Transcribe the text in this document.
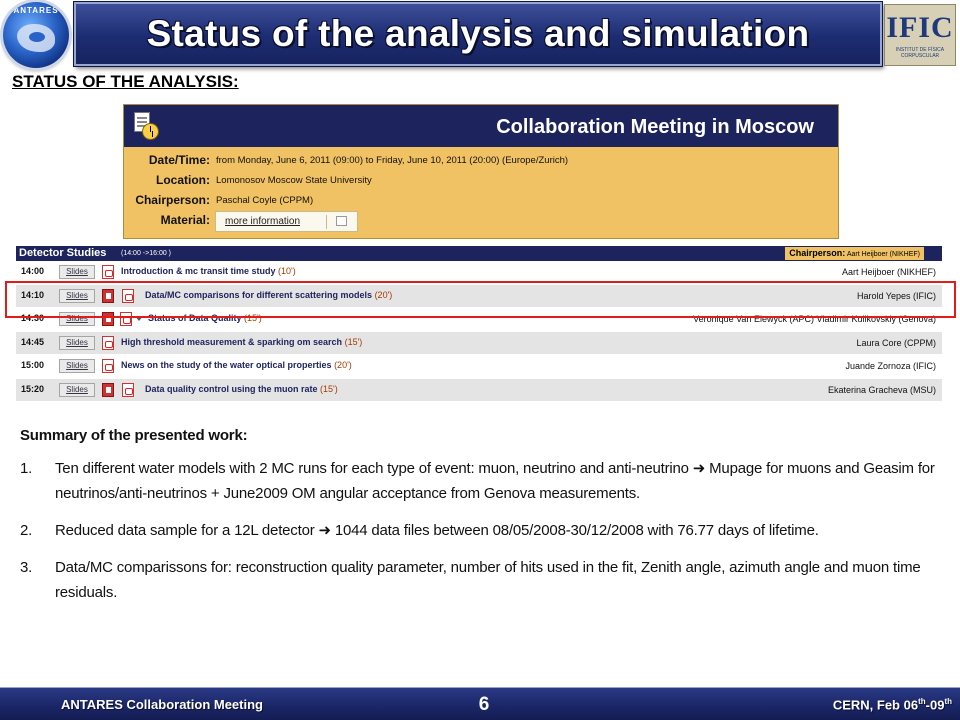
ANTARES
Status of the analysis and simulation	IFIC
INSTITUT DE FÍSICA CORPUSCULAR
STATUS OF THE ANALYSIS:
Collaboration Meeting in Moscow
Date/Time: from Monday, June 6, 2011 (09:00) to Friday, June 10, 2011 (20:00) (Europe/Zurich)
Location: Lomonosov Moscow State University
Chairperson: Paschal Coyle (CPPM)
Material: more information
Detector Studies (14:00 ->16:00 )	Chairperson: Aart Heijboer (NIKHEF)
14:00	Slides	Introduction & mc transit time study (10')	Aart Heijboer (NIKHEF)
14:10	Slides	Data/MC comparisons for different scattering models (20')	Harold Yepes (IFIC)
14:30	Slides	Status of Data Quality (15')	Veronique Van Elewyck (APC) Vladimir Kulikovskiy (Genova)
14:45	Slides	High threshold measurement & sparking om search (15')	Laura Core (CPPM)
15:00	Slides	News on the study of the water optical properties (20')	Juande Zornoza (IFIC)
15:20	Slides	Data quality control using the muon rate (15')	Ekaterina Gracheva (MSU)
Summary of the presented work:
1. Ten different water models with 2 MC runs for each type of event: muon, neutrino and anti-neutrino ➜ Mupage for muons and Geasim for neutrinos/anti-neutrinos + June2009 OM angular acceptance from Genova measurements.
2. Reduced data sample for a 12L detector ➜ 1044 data files between 08/05/2008-30/12/2008 with 76.77 days of lifetime.
3. Data/MC comparissons for: reconstruction quality parameter, number of hits used in the fit, Zenith angle, azimuth angle and muon time residuals.
ANTARES Collaboration Meeting	6	CERN, Feb 06th-09th
